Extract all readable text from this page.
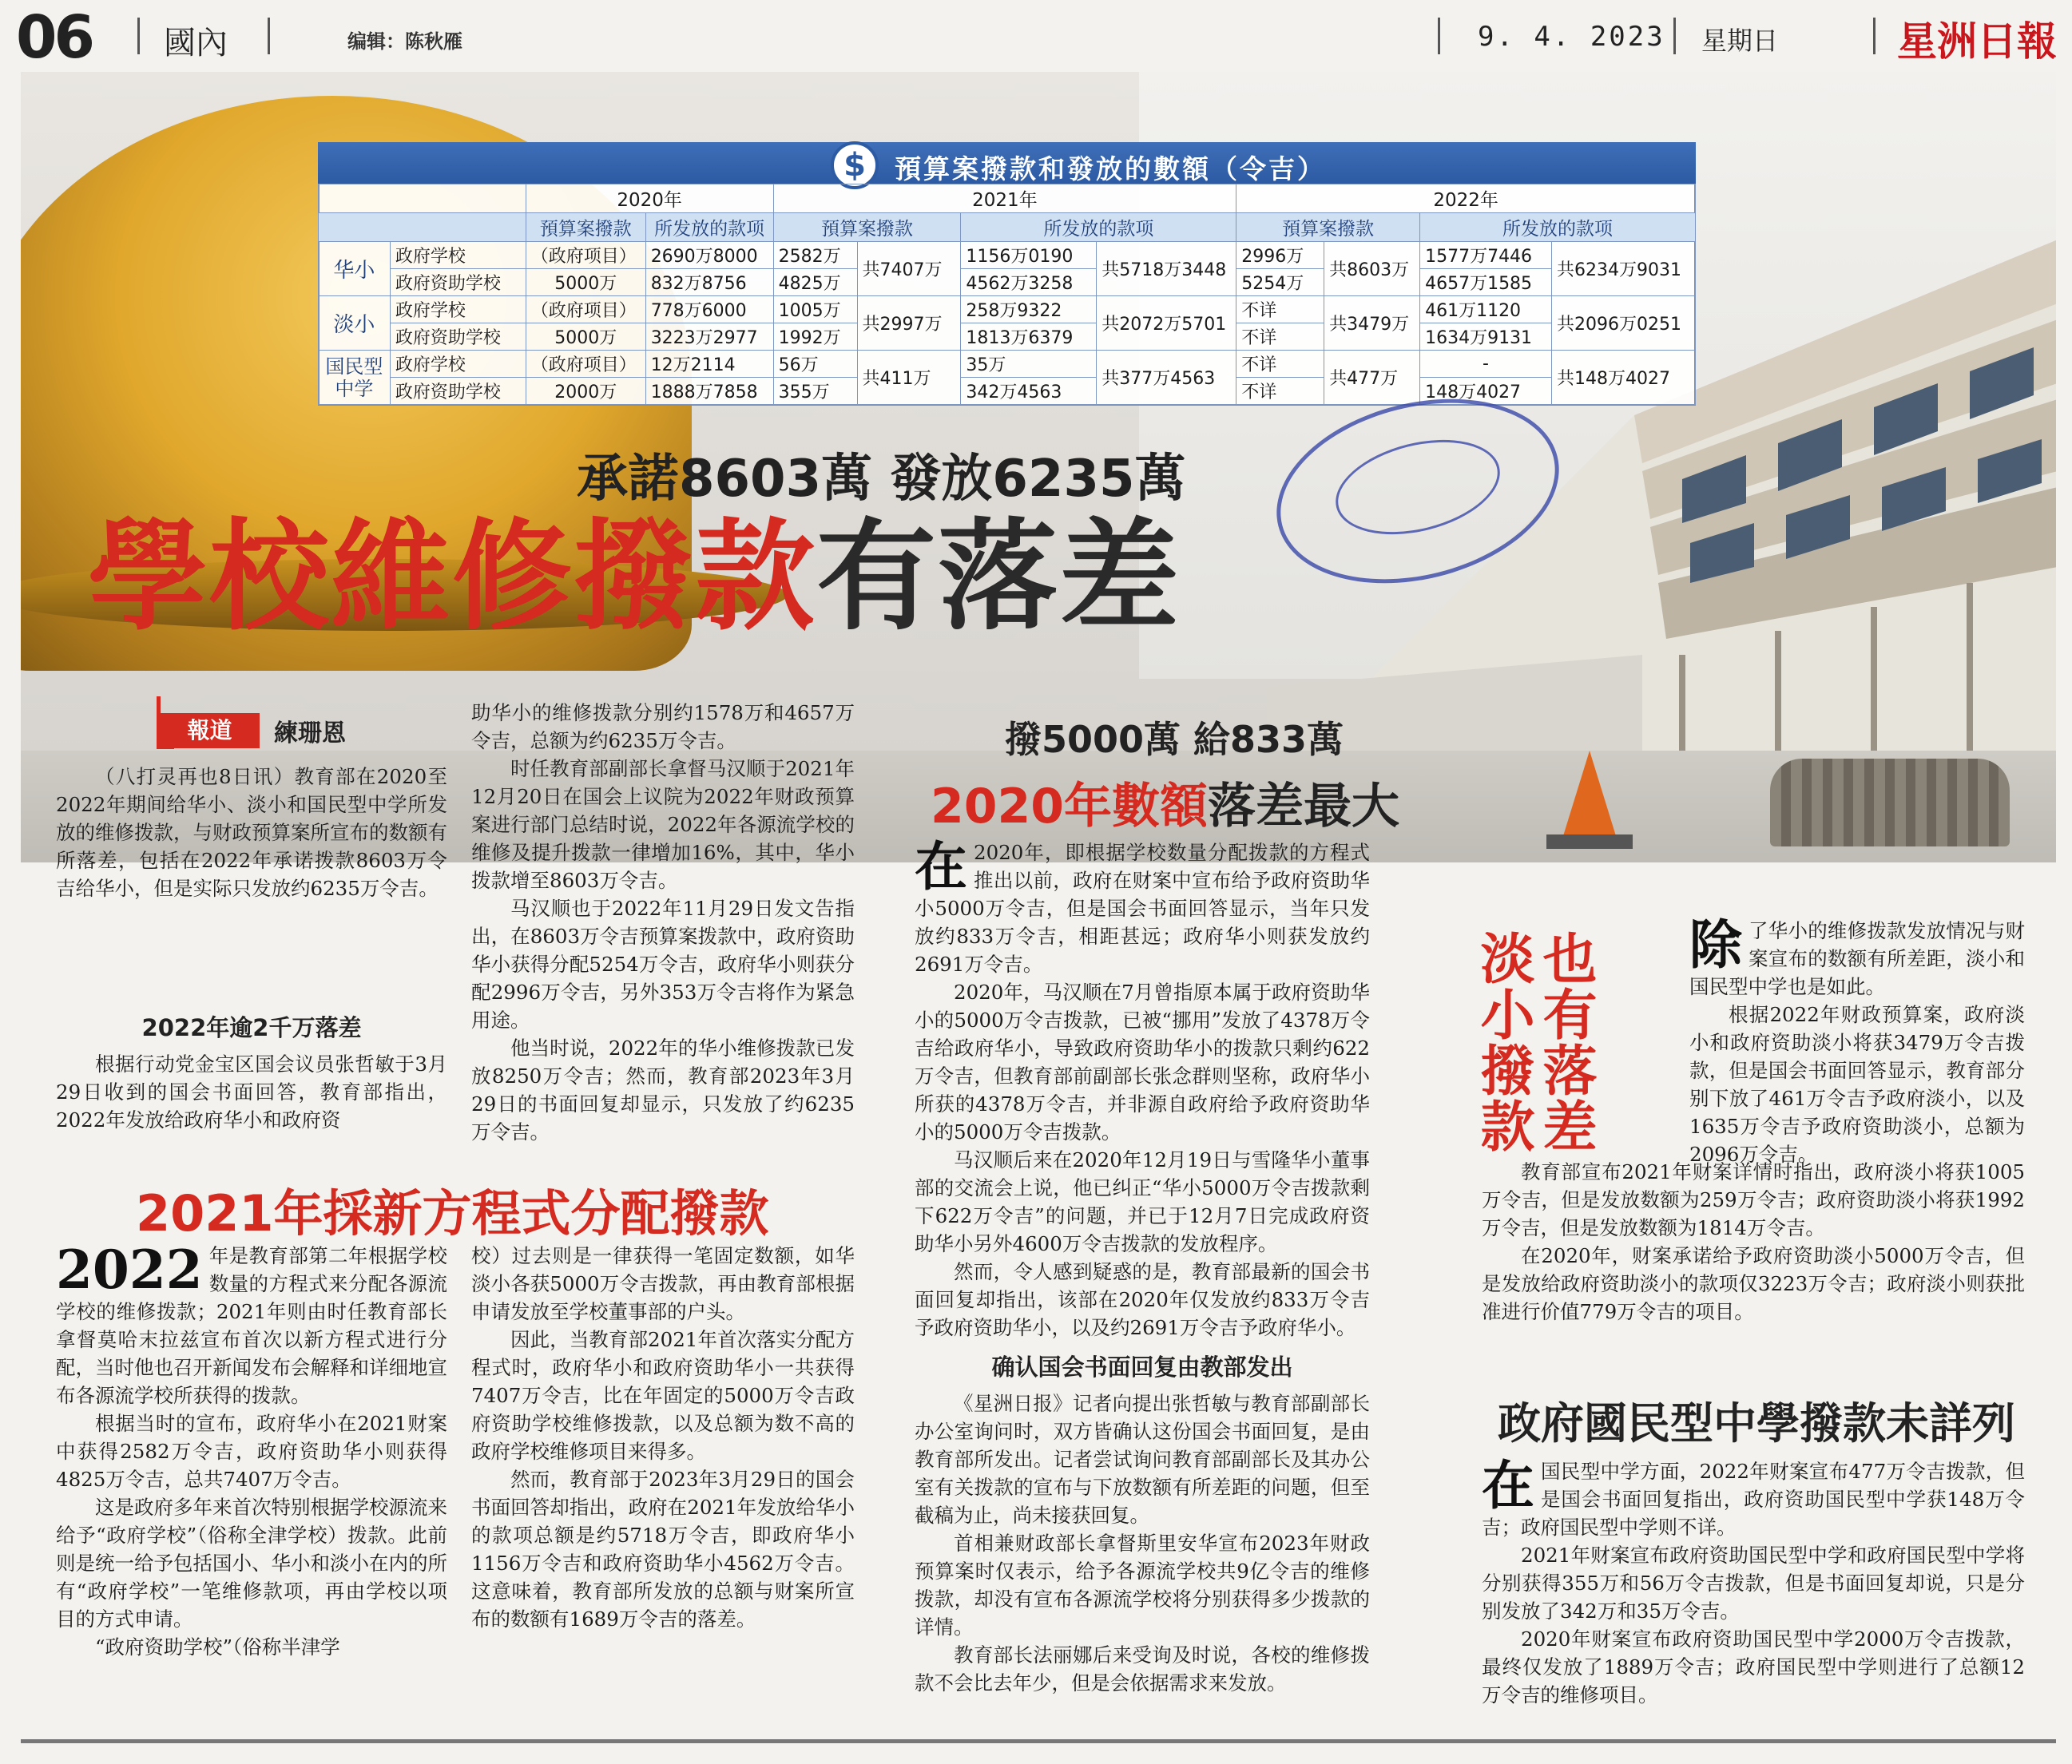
06 國內	编辑：陈秋雁	9. 4. 2023 星期日	星洲日報
$	預算案撥款和發放的數額（令吉）
		2020年		2021年				2022年			
		預算案撥款	所发放的款项	預算案撥款		所发放的款项		預算案撥款		所发放的款项	
华小	政府学校	（政府项目）	2690万8000	2582万	共7407万	1156万0190	共5718万3448	2996万	共8603万	1577万7446	共6234万9031
	政府资助学校	5000万	832万8756	4825万		4562万3258		5254万		4657万1585	
淡小	政府学校	（政府项目）	778万6000	1005万	共2997万	258万9322	共2072万5701	不详	共3479万	461万1120	共2096万0251
	政府资助学校	5000万	3223万2977	1992万		1813万6379		不详		1634万9131	
国民型中学	政府学校	（政府项目）	12万2114	56万	共411万	35万	共377万4563	不详	共477万	-	共148万4027
	政府资助学校	2000万	1888万7858	355万		342万4563		不详		148万4027	
承諾8603萬 發放6235萬
學校維修撥款有落差
報道	練珊恩

（八打灵再也8日讯）教育部在2020至2022年期间给华小、淡小和国民型中学所发放的维修拨款，与财政预算案所宣布的数额有所落差，包括在2022年承诺拨款8603万令吉给华小，但是实际只发放约6235万令吉。

2022年逾2千万落差

根据行动党金宝区国会议员张哲敏于3月29日收到的国会书面回答，教育部指出，2022年发放给政府华小和政府资

助华小的维修拨款分别约1578万和4657万令吉，总额为约6235万令吉。

时任教育部副部长拿督马汉顺于2021年12月20日在国会上议院为2022年财政预算案进行部门总结时说，2022年各源流学校的维修及提升拨款一律增加16%，其中，华小拨款增至8603万令吉。

马汉顺也于2022年11月29日发文告指出，在8603万令吉预算案拨款中，政府资助华小获得分配5254万令吉，政府华小则获分配2996万令吉，另外353万令吉将作为紧急用途。

他当时说，2022年的华小维修拨款已发放8250万令吉；然而，教育部2023年3月29日的书面回复却显示，只发放了约6235万令吉。

2021年採新方程式分配撥款

2022 年是教育部第二年根据学校数量的方程式来分配各源流学校的维修拨款；2021年则由时任教育部长拿督莫哈末拉兹宣布首次以新方程式进行分配，当时他也召开新闻发布会解释和详细地宣布各源流学校所获得的拨款。

根据当时的宣布，政府华小在2021财案中获得2582万令吉，政府资助华小则获得4825万令吉，总共7407万令吉。

这是政府多年来首次特别根据学校源流来给予“政府学校”（俗称全津学校）拨款。此前则是统一给予包括国小、华小和淡小在内的所有“政府学校”一笔维修款项，再由学校以项目的方式申请。

“政府资助学校”（俗称半津学

校）过去则是一律获得一笔固定数额，如华淡小各获5000万令吉拨款，再由教育部根据申请发放至学校董事部的户头。

因此，当教育部2021年首次落实分配方程式时，政府华小和政府资助华小一共获得7407万令吉，比在年固定的5000万令吉政府资助学校维修拨款，以及总额为数不高的政府学校维修项目来得多。

然而，教育部于2023年3月29日的国会书面回答却指出，政府在2021年发放给华小的款项总额是约5718万令吉，即政府华小1156万令吉和政府资助华小4562万令吉。这意味着，教育部所发放的总额与财案所宣布的数额有1689万令吉的落差。

撥5000萬 給833萬
2020年數額落差最大

在 2020年，即根据学校数量分配拨款的方程式推出以前，政府在财案中宣布给予政府资助华小5000万令吉，但是国会书面回答显示，当年只发放约833万令吉，相距甚远；政府华小则获发放约2691万令吉。

2020年，马汉顺在7月曾指原本属于政府资助华小的5000万令吉拨款，已被“挪用”发放了4378万令吉给政府华小，导致政府资助华小的拨款只剩约622万令吉，但教育部前副部长张念群则坚称，政府华小所获的4378万令吉，并非源自政府给予政府资助华小的5000万令吉拨款。

马汉顺后来在2020年12月19日与雪隆华小董事部的交流会上说，他已纠正“华小5000万令吉拨款剩下622万令吉”的问题，并已于12月7日完成政府资助华小另外4600万令吉拨款的发放程序。

然而，令人感到疑惑的是，教育部最新的国会书面回复却指出，该部在2020年仅发放约833万令吉予政府资助华小，以及约2691万令吉予政府华小。

确认国会书面回复由教部发出

《星洲日报》记者向提出张哲敏与教育部副部长办公室询问时，双方皆确认这份国会书面回复，是由教育部所发出。记者尝试询问教育部副部长及其办公室有关拨款的宣布与下放数额有所差距的问题，但至截稿为止，尚未接获回复。

首相兼财政部长拿督斯里安华宣布2023年财政预算案时仅表示，给予各源流学校共9亿令吉的维修拨款，却没有宣布各源流学校将分别获得多少拨款的详情。

教育部长法丽娜后来受询及时说，各校的维修拨款不会比去年少，但是会依据需求来发放。

也有落差
淡小撥款	除了华小的维修拨款发放情况与财案宣布的数额有所差距，淡小和国民型中学也是如此。

根据2022年财政预算案，政府淡小和政府资助淡小将获3479万令吉拨款，但是国会书面回答显示，教育部分别下放了461万令吉予政府淡小，以及1635万令吉予政府资助淡小，总额为2096万令吉。

教育部宣布2021年财案详情时指出，政府淡小将获1005万令吉，但是发放数额为259万令吉；政府资助淡小将获1992万令吉，但是发放数额为1814万令吉。

在2020年，财案承诺给予政府资助淡小5000万令吉，但是发放给政府资助淡小的款项仅3223万令吉；政府淡小则获批准进行价值779万令吉的项目。

政府國民型中學撥款未詳列

在国民型中学方面，2022年财案宣布477万令吉拨款，但是国会书面回复指出，政府资助国民型中学获148万令吉；政府国民型中学则不详。

2021年财案宣布政府资助国民型中学和政府国民型中学将分别获得355万和56万令吉拨款，但是书面回复却说，只是分别发放了342万和35万令吉。

2020年财案宣布政府资助国民型中学2000万令吉拨款，最终仅发放了1889万令吉；政府国民型中学则进行了总额12万令吉的维修项目。
